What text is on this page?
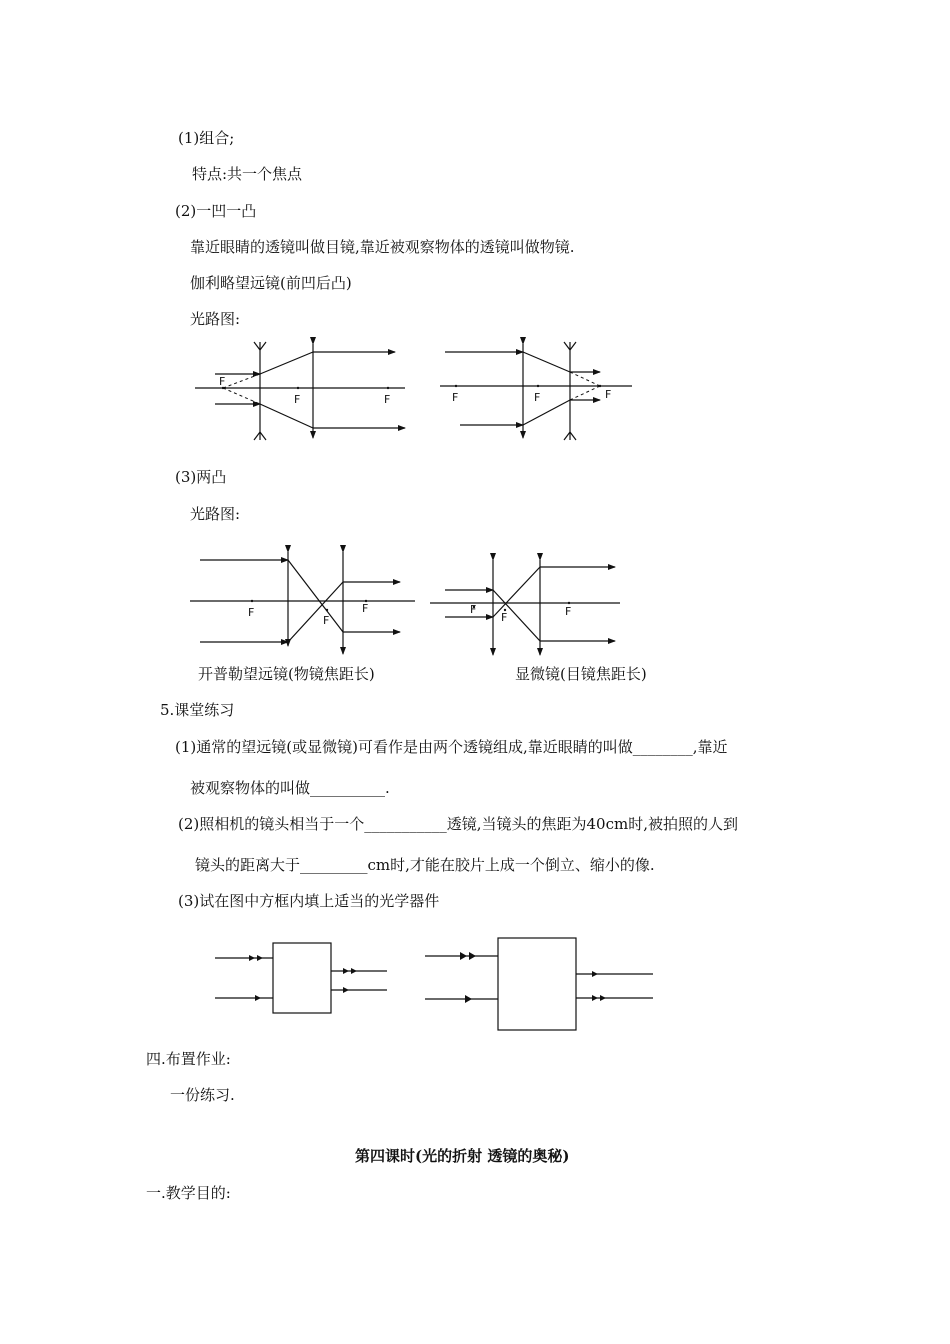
(1)组合;
特点:共一个焦点
(2)一凹一凸
靠近眼睛的透镜叫做目镜,靠近被观察物体的透镜叫做物镜.
伽利略望远镜(前凹后凸)
光路图:
F
F	F	F	F	F
(3)两凸
光路图:
F
F
F	F
F	F
开普勒望远镜(物镜焦距长)	显微镜(目镜焦距长)
5.课堂练习
(1)通常的望远镜(或显微镜)可看作是由两个透镜组成,靠近眼睛的叫做________,靠近
被观察物体的叫做__________.
(2)照相机的镜头相当于一个___________透镜,当镜头的焦距为40cm时,被拍照的人到
镜头的距离大于_________cm时,才能在胶片上成一个倒立、缩小的像.
(3)试在图中方框内填上适当的光学器件
四.布置作业:
一份练习.
第四课时(光的折射 透镜的奥秘)
一.教学目的:
